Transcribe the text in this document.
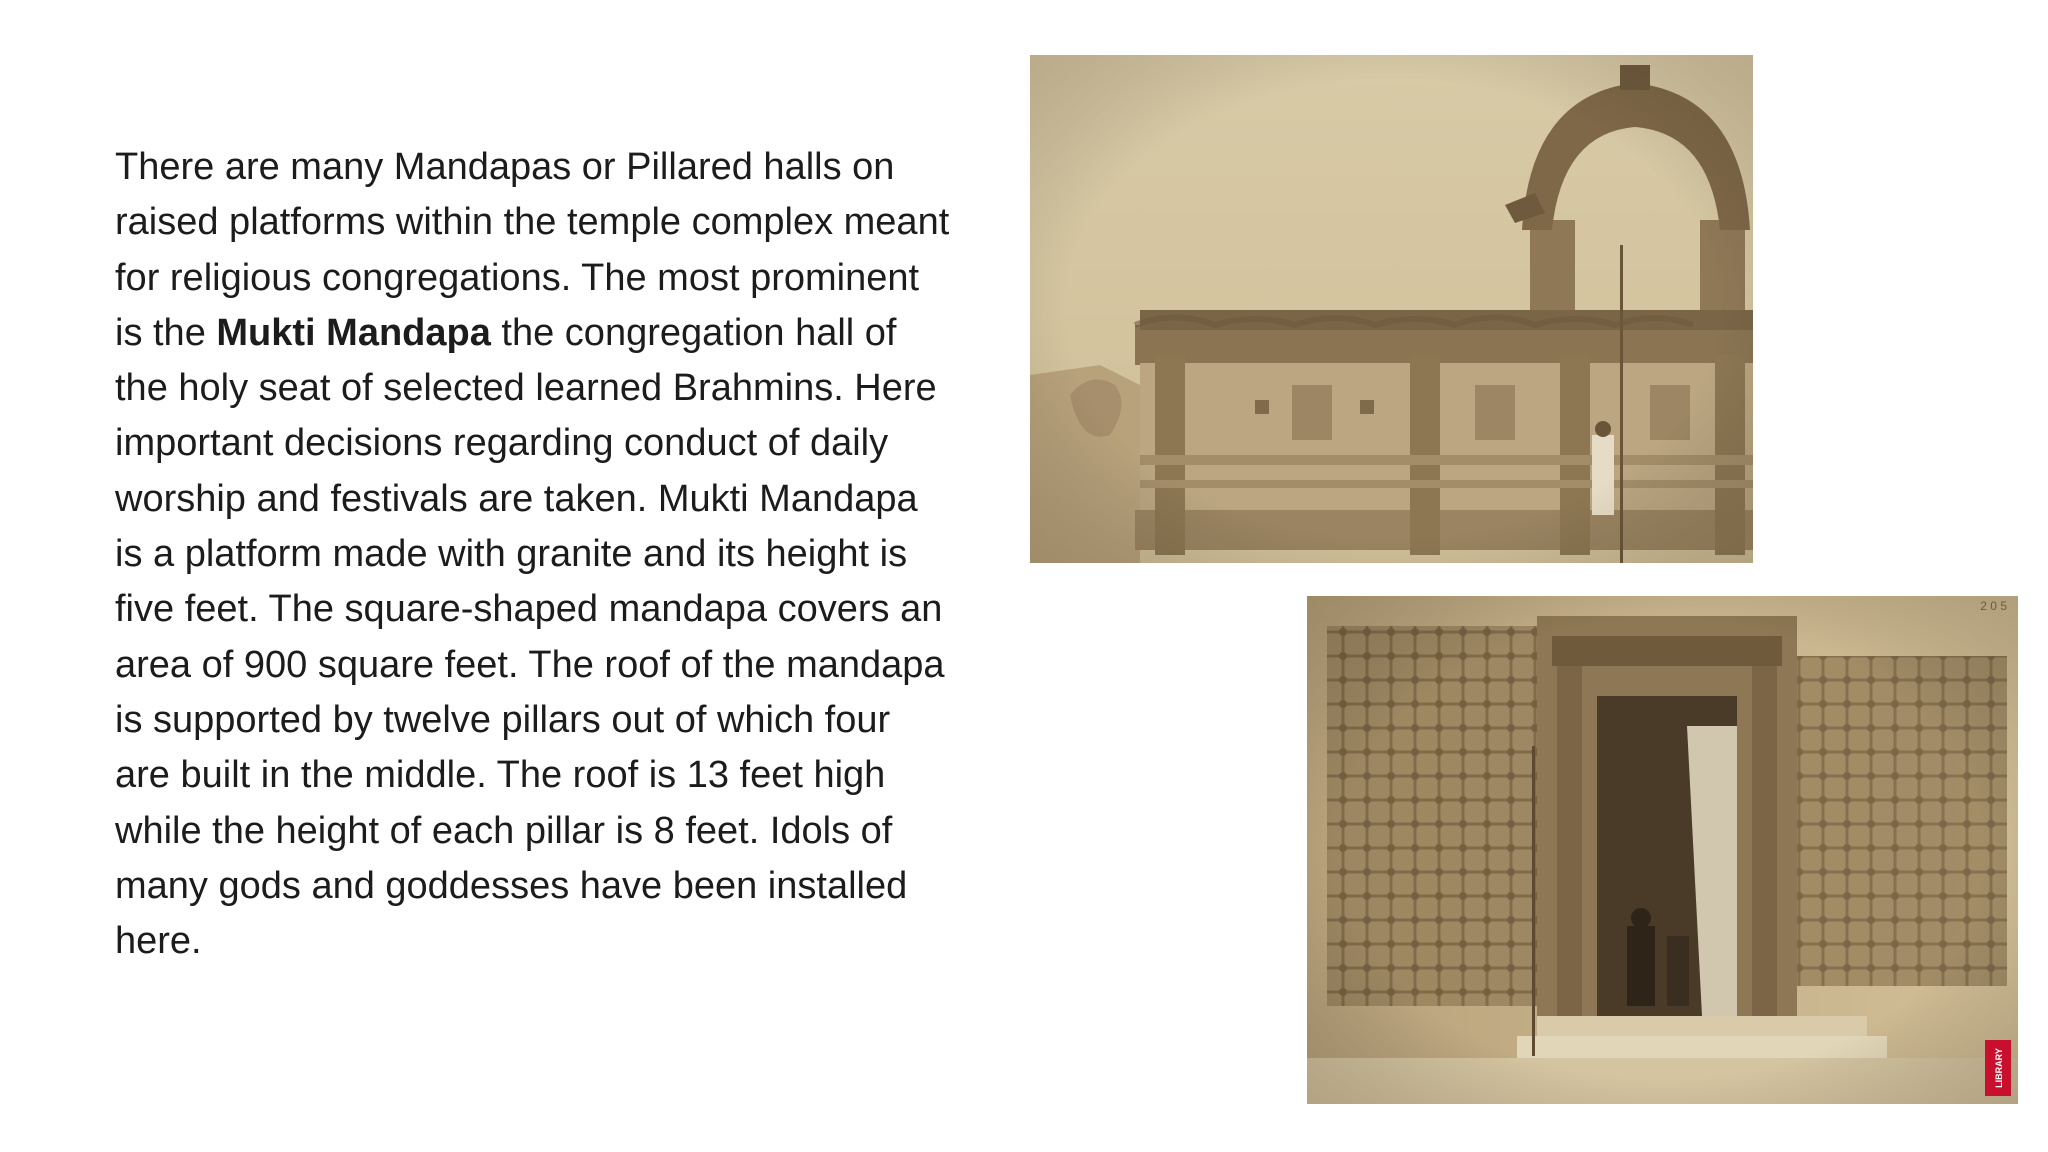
There are many Mandapas or Pillared halls on
raised platforms within the temple complex meant
for religious congregations. The most prominent
is the Mukti Mandapa the congregation hall of
the holy seat of selected learned Brahmins. Here
important decisions regarding conduct of daily
worship and festivals are taken. Mukti Mandapa
is a platform made with granite and its height is
five feet. The square-shaped mandapa covers an
area of 900 square feet. The roof of the mandapa
is supported by twelve pillars out of which four
are built in the middle. The roof is 13 feet high
while the height of each pillar is 8 feet. Idols of
many gods and goddesses have been installed
here.

LIBRARY
2 0 5
